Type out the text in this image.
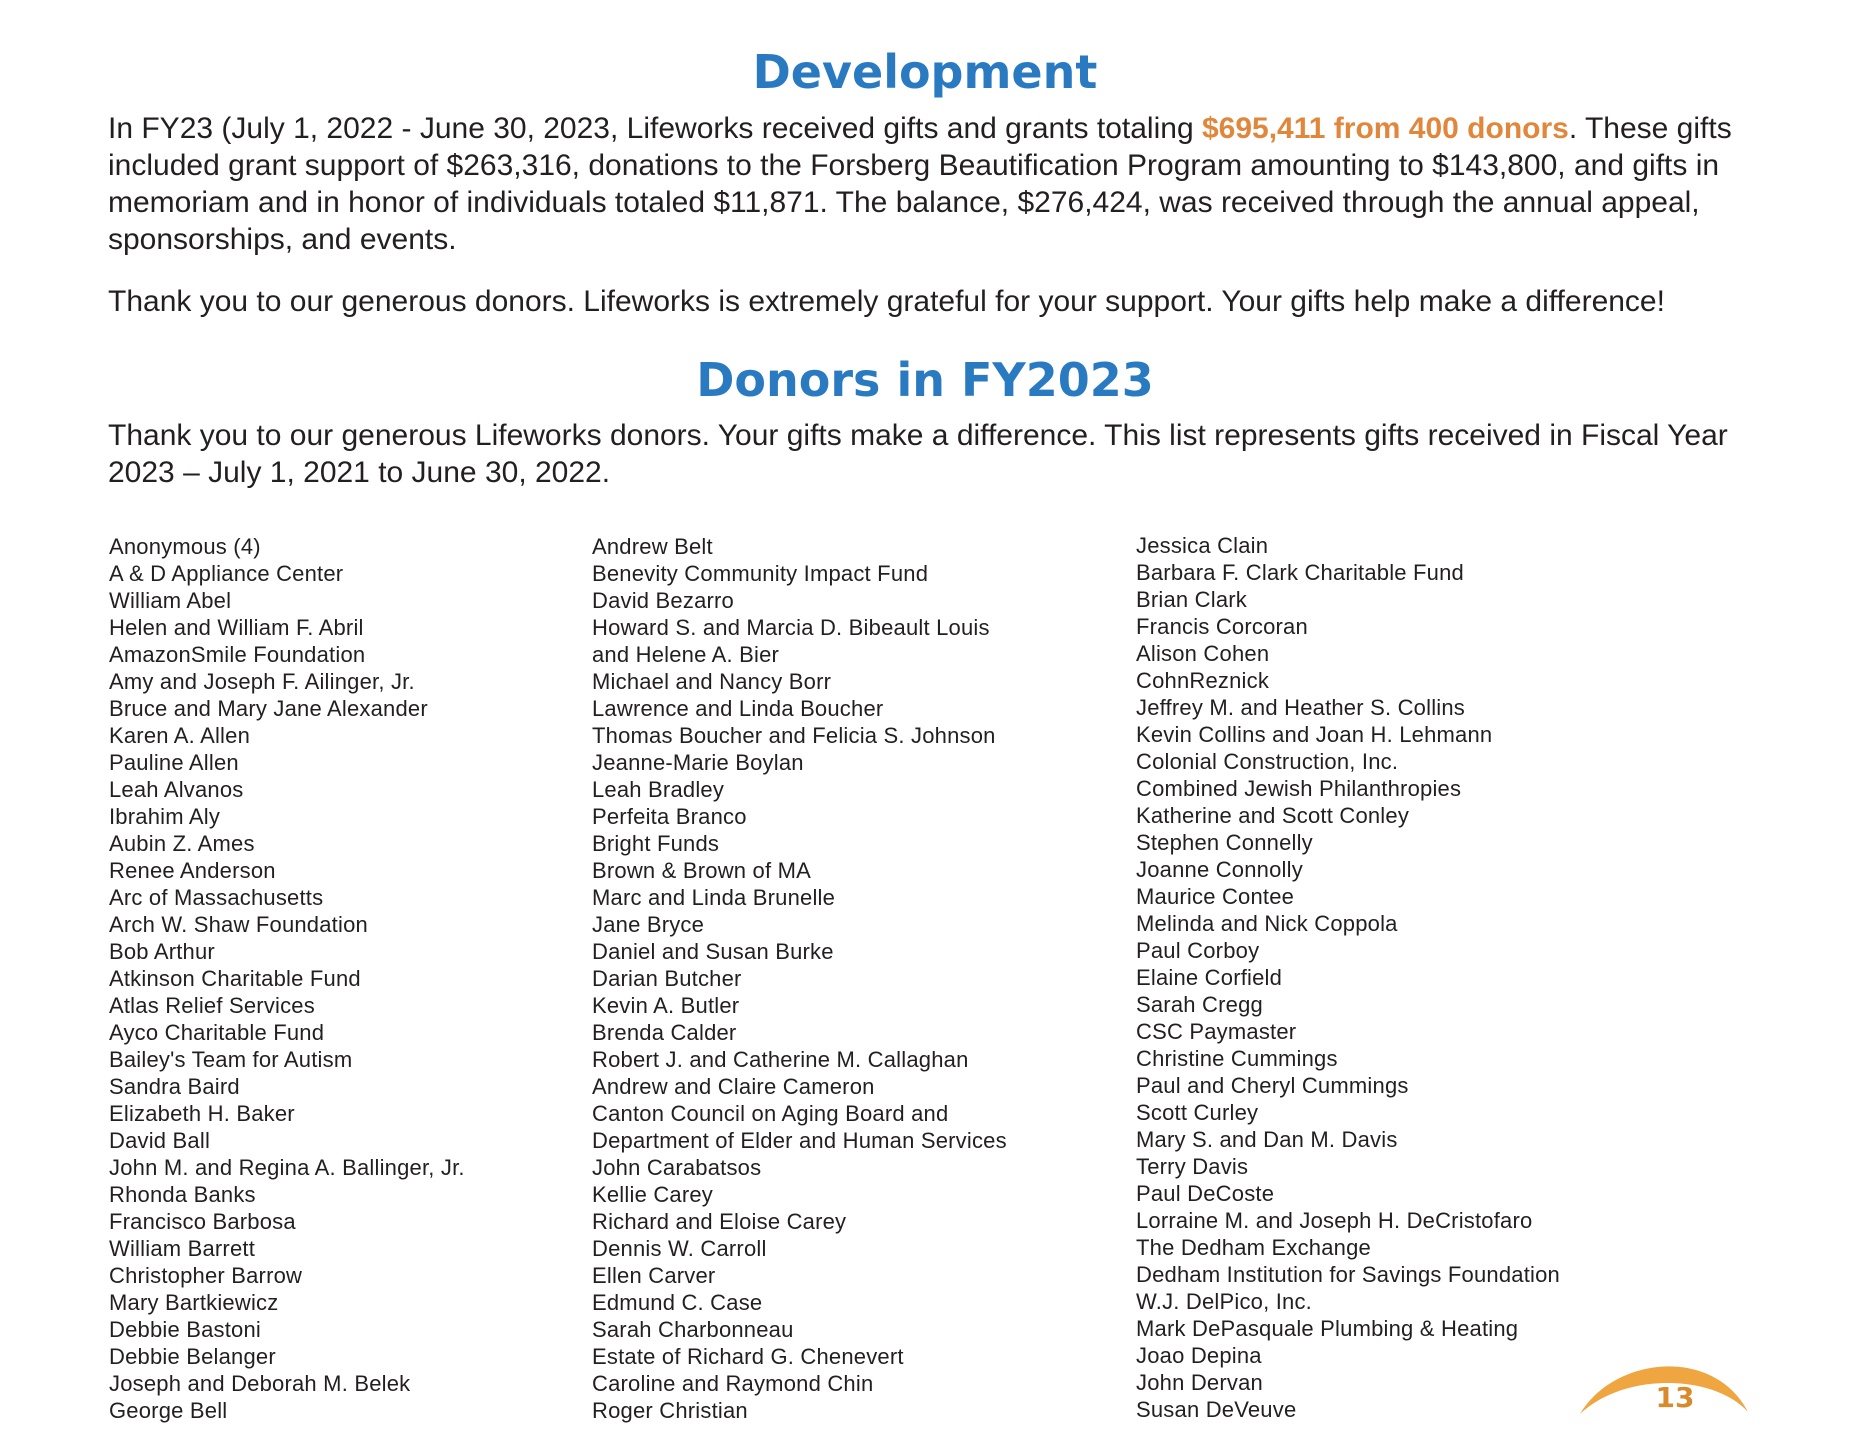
Development

In FY23 (July 1, 2022 - June 30, 2023, Lifeworks received gifts and grants totaling $695,411 from 400 donors. These gifts included grant support of $263,316, donations to the Forsberg Beautification Program amounting to $143,800, and gifts in memoriam and in honor of individuals totaled $11,871. The balance, $276,424, was received through the annual appeal, sponsorships, and events.

Thank you to our generous donors. Lifeworks is extremely grateful for your support. Your gifts help make a difference!

Donors in FY2023

Thank you to our generous Lifeworks donors. Your gifts make a difference. This list represents gifts received in Fiscal Year 2023 – July 1, 2021 to June 30, 2022.

Anonymous (4)
A & D Appliance Center
William Abel
Helen and William F. Abril
AmazonSmile Foundation
Amy and Joseph F. Ailinger, Jr.
Bruce and Mary Jane Alexander
Karen A. Allen
Pauline Allen
Leah Alvanos
Ibrahim Aly
Aubin Z. Ames
Renee Anderson
Arc of Massachusetts
Arch W. Shaw Foundation
Bob Arthur
Atkinson Charitable Fund
Atlas Relief Services
Ayco Charitable Fund
Bailey's Team for Autism
Sandra Baird
Elizabeth H. Baker
David Ball
John M. and Regina A. Ballinger, Jr.
Rhonda Banks
Francisco Barbosa
William Barrett
Christopher Barrow
Mary Bartkiewicz
Debbie Bastoni
Debbie Belanger
Joseph and Deborah M. Belek
George Bell
Andrew Belt
Benevity Community Impact Fund
David Bezarro
Howard S. and Marcia D. Bibeault Louis
and Helene A. Bier
Michael and Nancy Borr
Lawrence and Linda Boucher
Thomas Boucher and Felicia S. Johnson
Jeanne-Marie Boylan
Leah Bradley
Perfeita Branco
Bright Funds
Brown & Brown of MA
Marc and Linda Brunelle
Jane Bryce
Daniel and Susan Burke
Darian Butcher
Kevin A. Butler
Brenda Calder
Robert J. and Catherine M. Callaghan
Andrew and Claire Cameron
Canton Council on Aging Board and
Department of Elder and Human Services
John Carabatsos
Kellie Carey
Richard and Eloise Carey
Dennis W. Carroll
Ellen Carver
Edmund C. Case
Sarah Charbonneau
Estate of Richard G. Chenevert
Caroline and Raymond Chin
Roger Christian
Jessica Clain
Barbara F. Clark Charitable Fund
Brian Clark
Francis Corcoran
Alison Cohen
CohnReznick
Jeffrey M. and Heather S. Collins
Kevin Collins and Joan H. Lehmann
Colonial Construction, Inc.
Combined Jewish Philanthropies
Katherine and Scott Conley
Stephen Connelly
Joanne Connolly
Maurice Contee
Melinda and Nick Coppola
Paul Corboy
Elaine Corfield
Sarah Cregg
CSC Paymaster
Christine Cummings
Paul and Cheryl Cummings
Scott Curley
Mary S. and Dan M. Davis
Terry Davis
Paul DeCoste
Lorraine M. and Joseph H. DeCristofaro
The Dedham Exchange
Dedham Institution for Savings Foundation
W.J. DelPico, Inc.
Mark DePasquale Plumbing & Heating
Joao Depina
John Dervan
Susan DeVeuve	13
